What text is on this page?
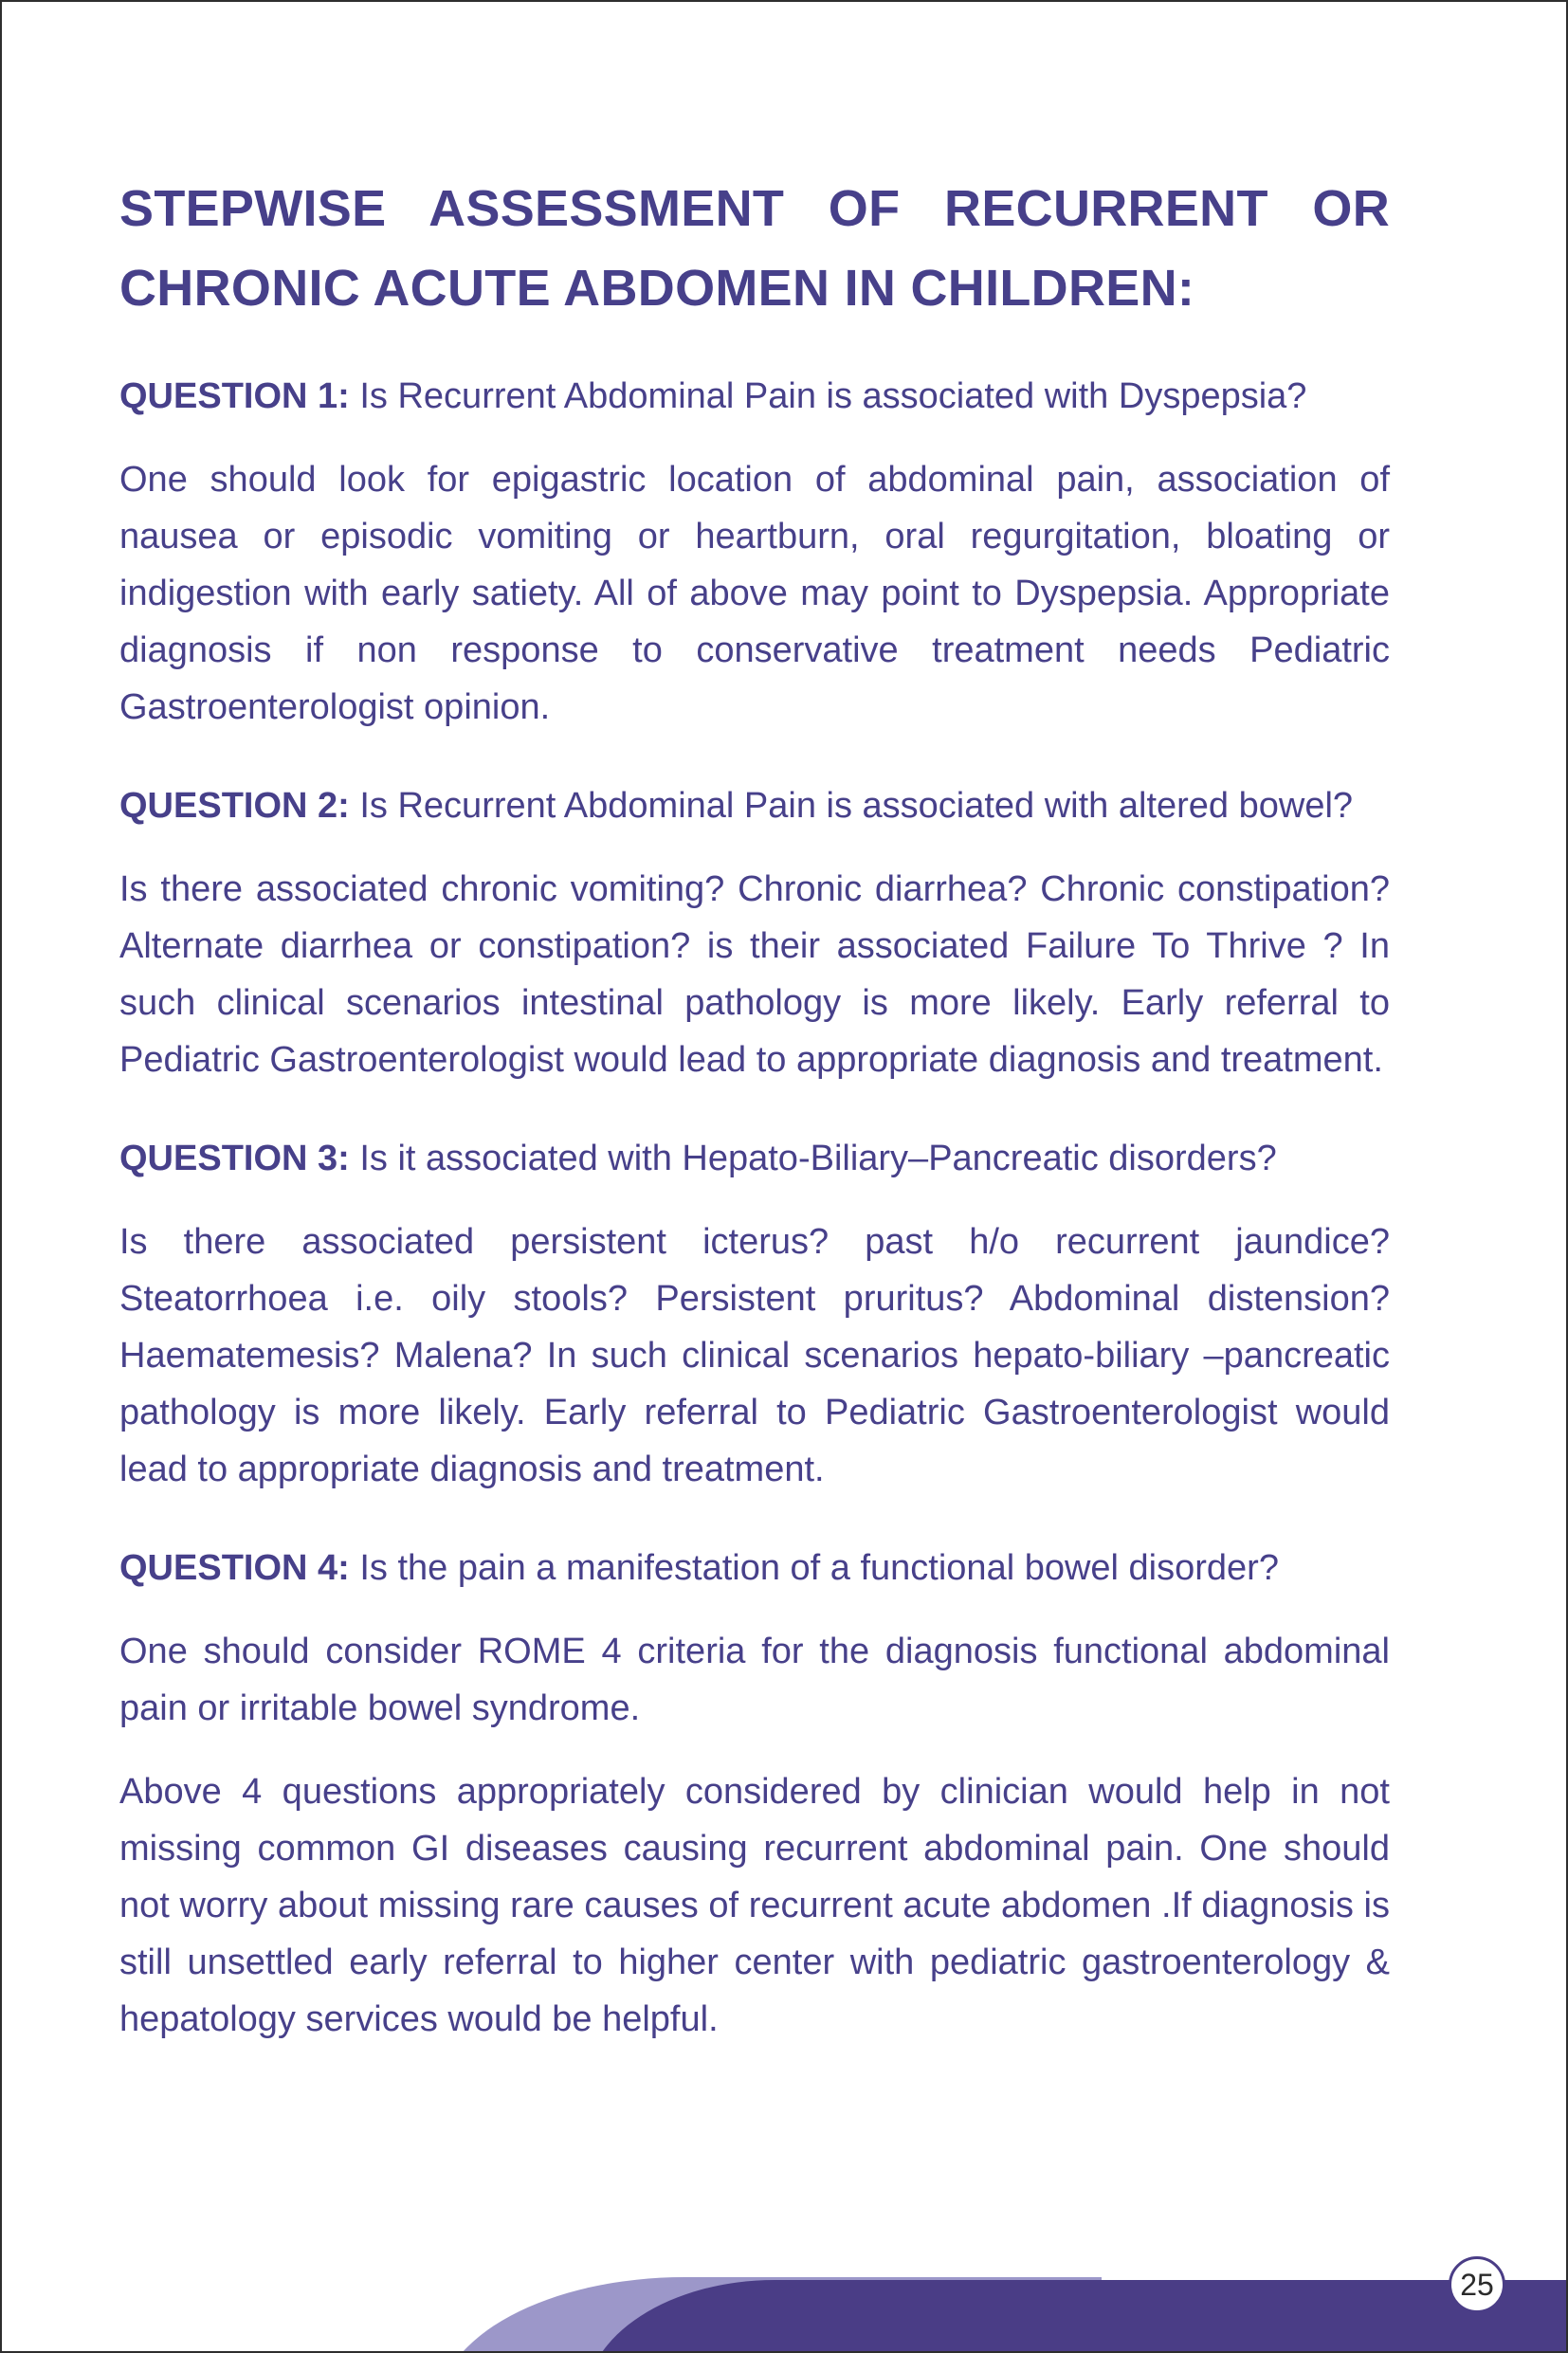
STEPWISE ASSESSMENT OF RECURRENT OR
CHRONIC ACUTE ABDOMEN IN CHILDREN:

QUESTION 1: Is Recurrent Abdominal Pain is associated with Dyspepsia?

One should look for epigastric location of abdominal pain, association of nausea or episodic vomiting or heartburn, oral regurgitation, bloating or indigestion with early satiety. All of above may point to Dyspepsia. Appropriate diagnosis if non response to conservative treatment needs Pediatric Gastroenterologist opinion.

QUESTION 2: Is Recurrent Abdominal Pain is associated with altered bowel?

Is there associated chronic vomiting? Chronic diarrhea? Chronic constipation? Alternate diarrhea or constipation? is their associated Failure To Thrive ? In such clinical scenarios intestinal pathology is more likely. Early referral to Pediatric Gastroenterologist would lead to appropriate diagnosis and treatment.

QUESTION 3: Is it associated with Hepato-Biliary–Pancreatic disorders?

Is there associated persistent icterus? past h/o recurrent jaundice? Steatorrhoea i.e. oily stools? Persistent pruritus? Abdominal distension? Haematemesis? Malena? In such clinical scenarios hepato-biliary –pancreatic pathology is more likely. Early referral to Pediatric Gastroenterologist would lead to appropriate diagnosis and treatment.

QUESTION 4: Is the pain a manifestation of a functional bowel disorder?

One should consider ROME 4 criteria for the diagnosis functional abdominal pain or irritable bowel syndrome.

Above 4 questions appropriately considered by clinician would help in not missing common GI diseases causing recurrent abdominal pain. One should not worry about missing rare causes of recurrent acute abdomen .If diagnosis is still unsettled early referral to higher center with pediatric gastroenterology & hepatology services would be helpful.

25
